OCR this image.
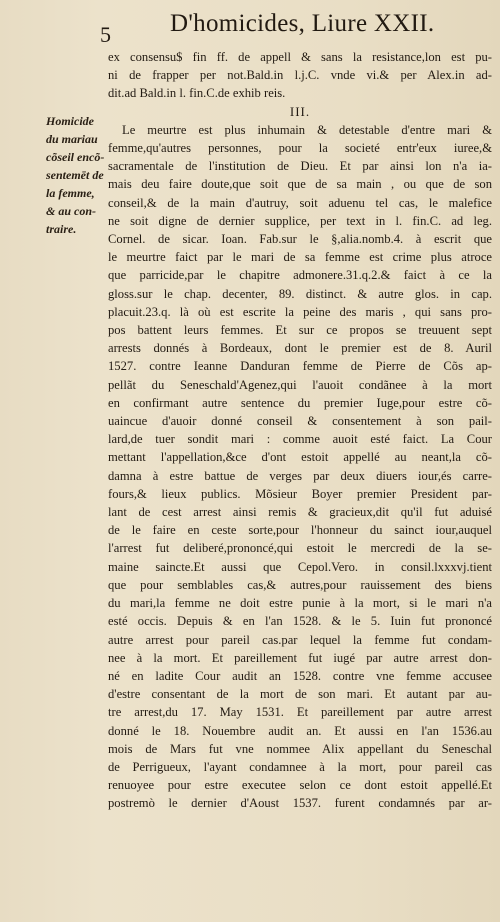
5 D'homicides, Liure XXII.
Homicide
du mariau
cõseil encõ-
sentemēt de
la femme,
& au con-
traire.
ex consensu$ fin ff. de appell & sans la resistance,lon est pu-
ni de frapper per not.Bald.in l.j.C. vnde vi.& per Alex.in ad-
dit.ad Bald.in l. fin.C.de exhib reis.
III.
Le meurtre est plus inhumain & detestable d'entre mari &
femme,qu'autres personnes, pour la societé entr'eux iuree,&
sacramentale de l'institution de Dieu. Et par ainsi lon n'a ia-
mais deu faire doute,que soit que de sa main , ou que de son
conseil,& de la main d'autruy, soit aduenu tel cas, le malefice
ne soit digne de dernier supplice, per text in l. fin.C. ad leg.
Cornel. de sicar. Ioan. Fab.sur le §,alia.nomb.4. à escrit que
le meurtre faict par le mari de sa femme est crime plus atroce
que parricide,par le chapitre admonere.31.q.2.& faict à ce la
gloss.sur le chap. decenter, 89. distinct. & autre glos. in cap.
placuit.23.q. là où est escrite la peine des maris , qui sans pro-
pos battent leurs femmes. Et sur ce propos se treuuent sept
arrests donnés à Bordeaux, dont le premier est de 8. Auril
1527. contre Ieanne Danduran femme de Pierre de Cõs ap-
pellãt du Seneschald'Agenez,qui l'auoit condãnee à la mort
en confirmant autre sentence du premier Iuge,pour estre cõ-
uaincue d'auoir donné conseil & consentement à son pail-
lard,de tuer sondit mari : comme auoit esté faict. La Cour
mettant l'appellation,&ce d'ont estoit appellé au neant,la cõ-
damna à estre battue de verges par deux diuers iour,és carre-
fours,& lieux publics. Mõsieur Boyer premier President par-
lant de cest arrest ainsi remis & gracieux,dit qu'il fut aduisé
de le faire en ceste sorte,pour l'honneur du sainct iour,auquel
l'arrest fut deliberé,prononcé,qui estoit le mercredi de la se-
maine saincte.Et aussi que Cepol.Vero. in consil.lxxxvj.tient
que pour semblables cas,& autres,pour rauissement des biens
du mari,la femme ne doit estre punie à la mort, si le mari n'a
esté occis. Depuis & en l'an 1528. & le 5. Iuin fut prononcé
autre arrest pour pareil cas.par lequel la femme fut condam-
nee à la mort. Et pareillement fut iugé par autre arrest don-
né en ladite Cour audit an 1528. contre vne femme accusee
d'estre consentant de la mort de son mari. Et autant par au-
tre arrest,du 17. May 1531. Et pareillement par autre arrest
donné le 18. Nouembre audit an. Et aussi en l'an 1536.au
mois de Mars fut vne nommee Alix appellant du Seneschal
de Perrigueux, l'ayant condamnee à la mort, pour pareil cas
renuoyee pour estre executee selon ce dont estoit appellé.Et
postremò le dernier d'Aoust 1537. furent condamnés par ar-
